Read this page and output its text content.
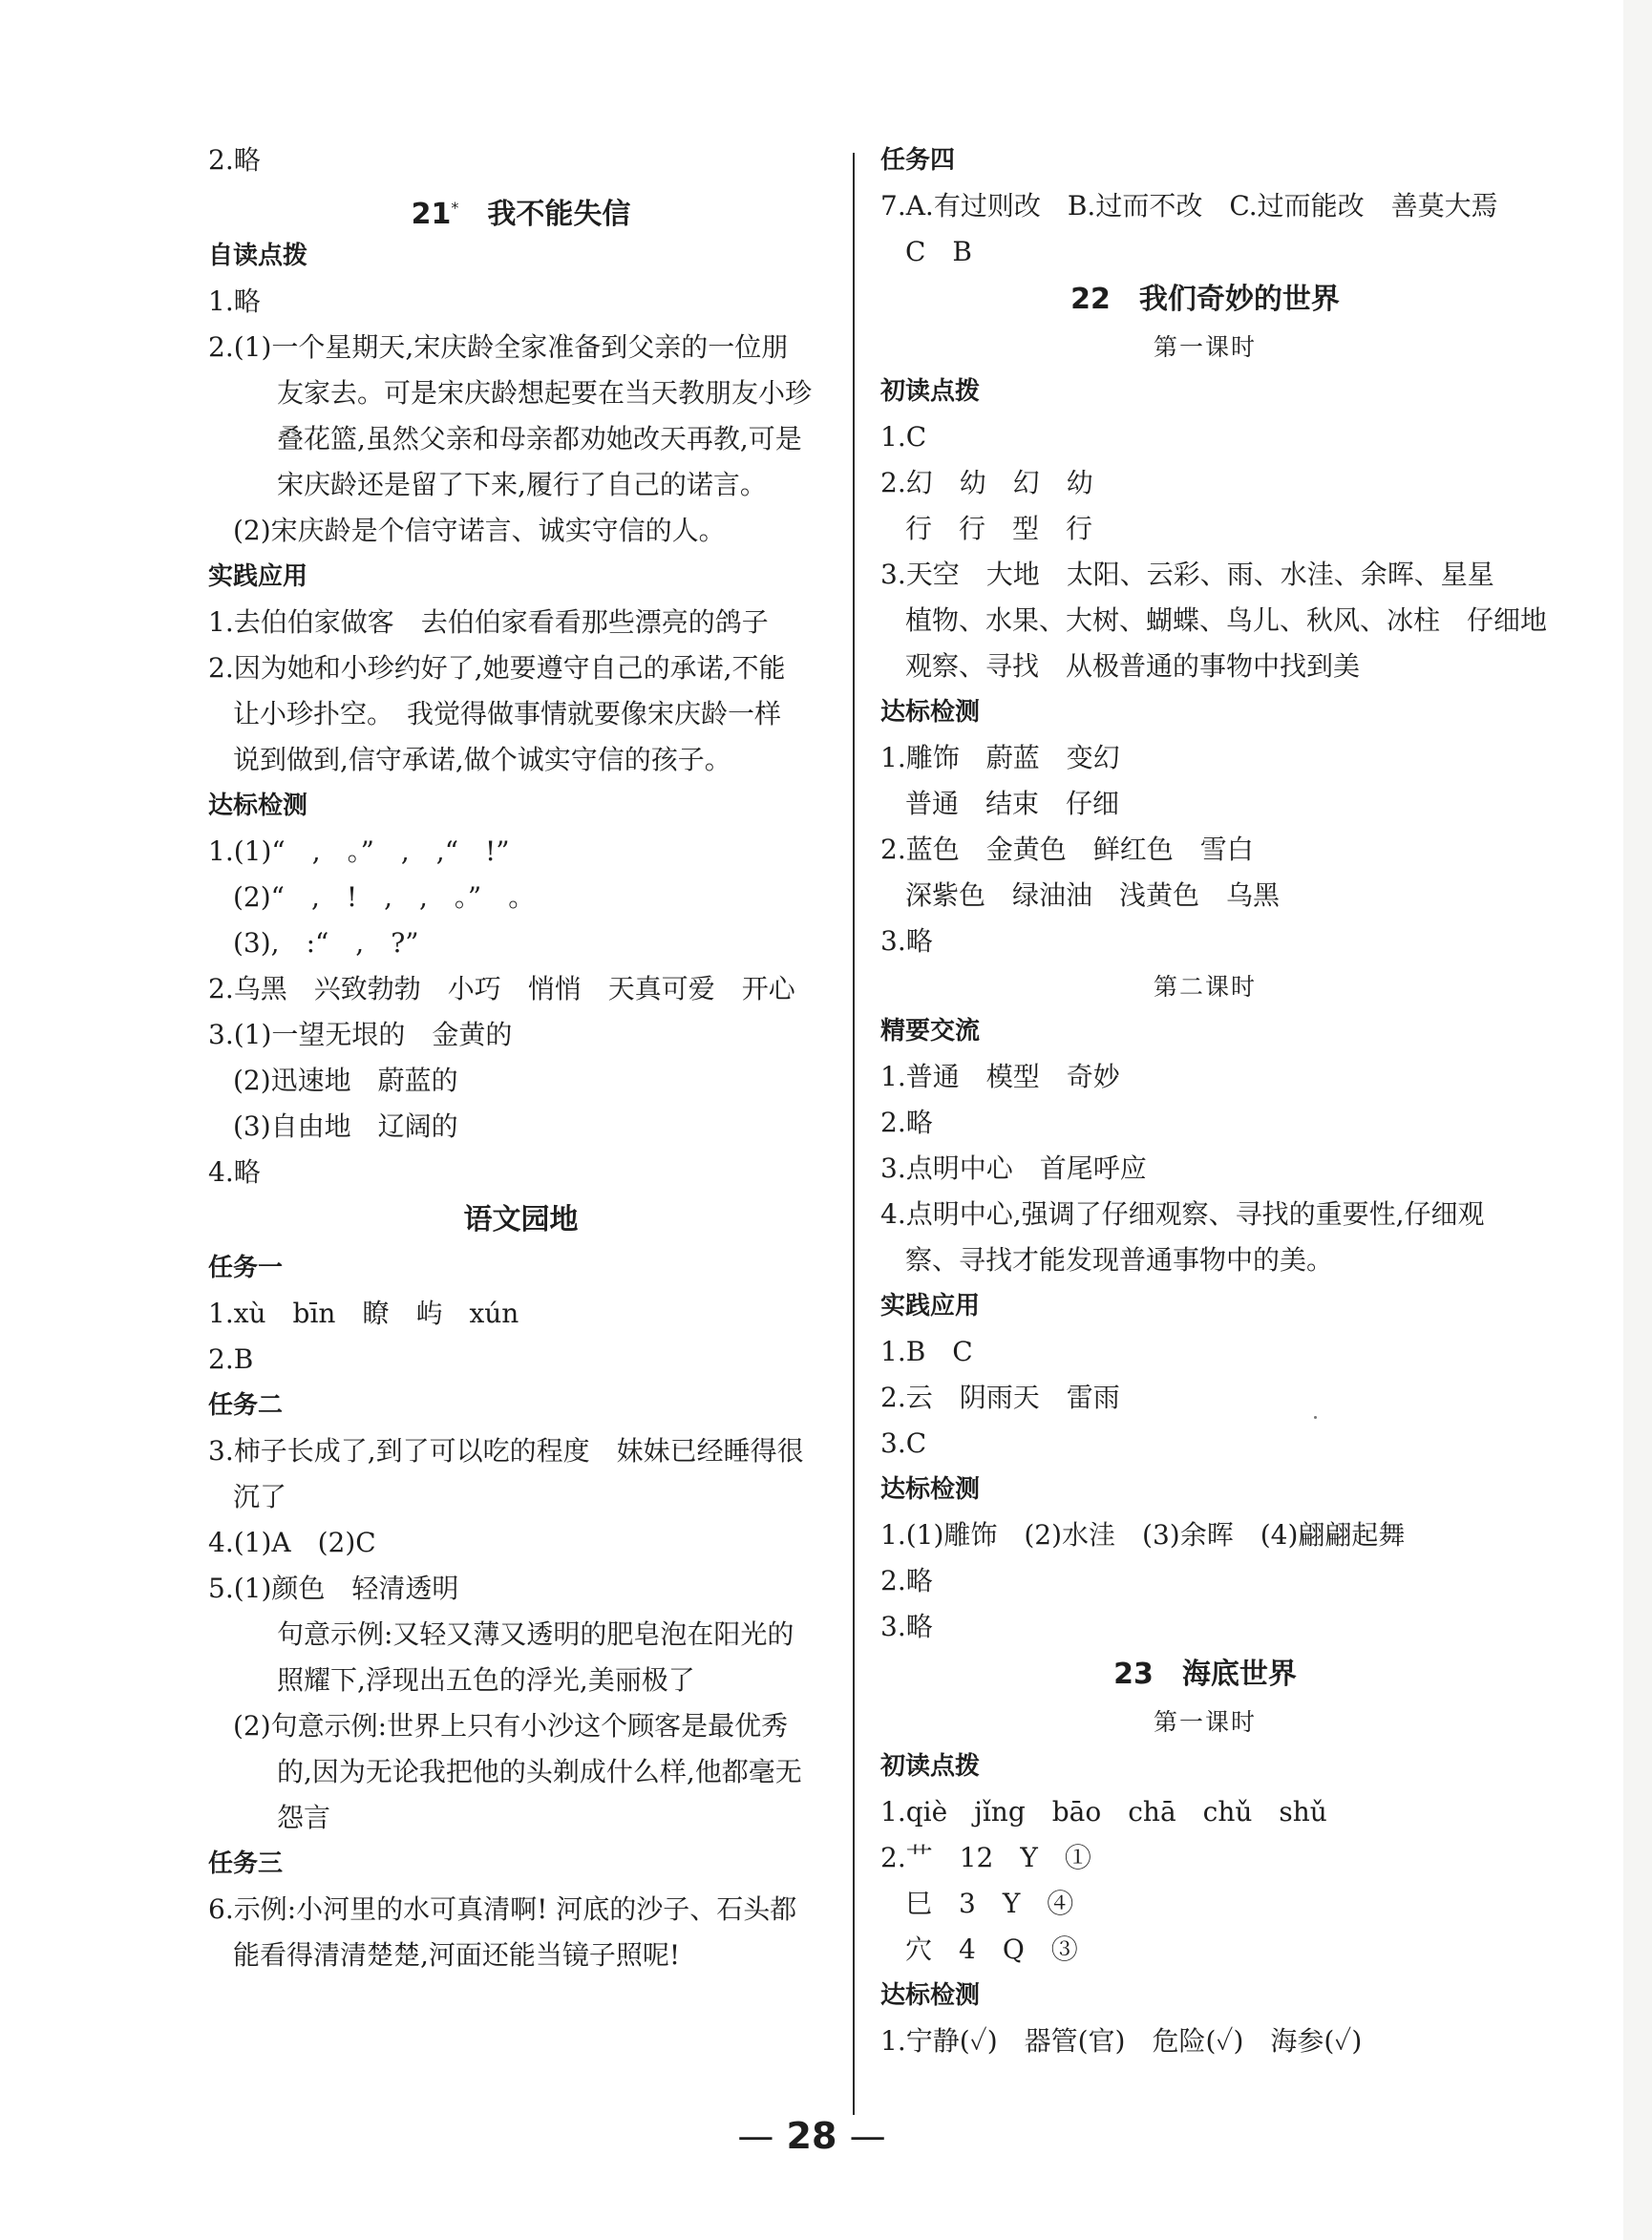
2.略
21*　 我不能失信
自读点拨
1.略
2.(1)一个星期天,宋庆龄全家准备到父亲的一位朋
友家去。可是宋庆龄想起要在当天教朋友小珍
叠花篮,虽然父亲和母亲都劝她改天再教,可是
宋庆龄还是留了下来,履行了自己的诺言。
(2)宋庆龄是个信守诺言、诚实守信的人。
实践应用
1.去伯伯家做客　去伯伯家看看那些漂亮的鸽子
2.因为她和小珍约好了,她要遵守自己的承诺,不能
让小珍扑空。　我觉得做事情就要像宋庆龄一样
说到做到,信守承诺,做个诚实守信的孩子。
达标检测
1.(1)“　,　。”　,　,“　!”
(2)“　,　!　,　,　。”　。
(3),　:“　,　?”
2.乌黑　兴致勃勃　小巧　悄悄　天真可爱　开心
3.(1)一望无垠的　金黄的
(2)迅速地　蔚蓝的
(3)自由地　辽阔的
4.略
语文园地
任务一
1.xù　bīn　瞭　屿　xún
2.B
任务二
3.柿子长成了,到了可以吃的程度　妹妹已经睡得很
沉了
4.(1)A　(2)C
5.(1)颜色　轻清透明
句意示例:又轻又薄又透明的肥皂泡在阳光的
照耀下,浮现出五色的浮光,美丽极了
(2)句意示例:世界上只有小沙这个顾客是最优秀
的,因为无论我把他的头剃成什么样,他都毫无
怨言
任务三
6.示例:小河里的水可真清啊! 河底的沙子、石头都
能看得清清楚楚,河面还能当镜子照呢!
任务四
7.A.有过则改　B.过而不改　C.过而能改　善莫大焉
C　B
22　 我们奇妙的世界
第一课时
初读点拨
1.C
2.幻　幼　幻　幼
行　行　型　行
3.天空　大地　太阳、云彩、雨、水洼、余晖、星星
植物、水果、大树、蝴蝶、鸟儿、秋风、冰柱　仔细地
观察、寻找　从极普通的事物中找到美
达标检测
1.雕饰　蔚蓝　变幻
普通　结束　仔细
2.蓝色　金黄色　鲜红色　雪白
深紫色　绿油油　浅黄色　乌黑
3.略
第二课时
精要交流
1.普通　模型　奇妙
2.略
3.点明中心　首尾呼应
4.点明中心,强调了仔细观察、寻找的重要性,仔细观
察、寻找才能发现普通事物中的美。
实践应用
1.B　C
2.云　阴雨天　雷雨
3.C
达标检测
1.(1)雕饰　(2)水洼　(3)余晖　(4)翩翩起舞
2.略
3.略
23　 海底世界
第一课时
初读点拨
1.qiè　jǐng　bāo　chā　chǔ　shǔ
2.艹　12　Y　①
巳　3　Y　④
穴　4　Q　③
达标检测
1.宁静(✓)　器管(官)　危险(✓)　海参(✓)
— 28 —
